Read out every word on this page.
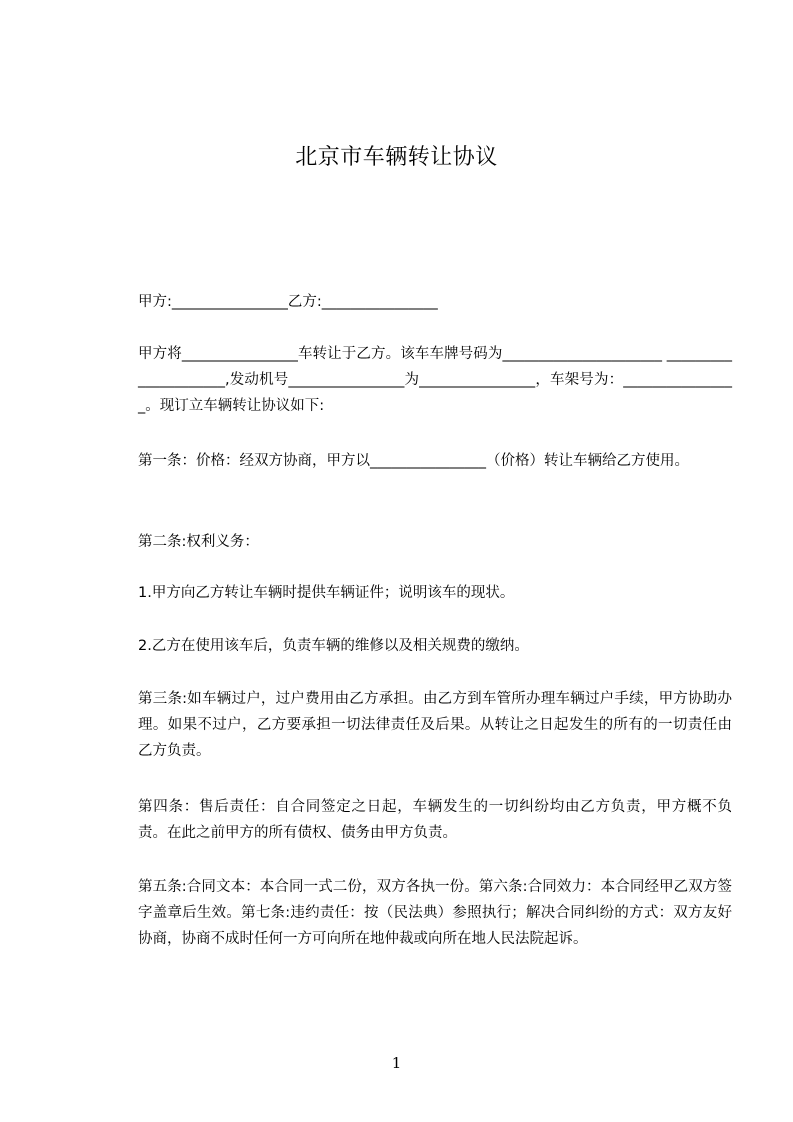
北京市车辆转让协议

甲方:________________乙方:________________

甲方将________________车转让于乙方。该车车牌号码为______________________ _____________________,发动机号________________为________________，车架号为：________________。现订立车辆转让协议如下:

第一条：价格：经双方协商，甲方以________________（价格）转让车辆给乙方使用。

第二条:权利义务：

1.甲方向乙方转让车辆时提供车辆证件；说明该车的现状。

2.乙方在使用该车后，负责车辆的维修以及相关规费的缴纳。

第三条:如车辆过户，过户费用由乙方承担。由乙方到车管所办理车辆过户手续，甲方协助办理。如果不过户，乙方要承担一切法律责任及后果。从转让之日起发生的所有的一切责任由乙方负责。

第四条：售后责任：自合同签定之日起，车辆发生的一切纠纷均由乙方负责，甲方概不负责。在此之前甲方的所有债权、债务由甲方负责。

第五条:合同文本：本合同一式二份，双方各执一份。第六条:合同效力：本合同经甲乙双方签字盖章后生效。第七条:违约责任：按（民法典）参照执行；解决合同纠纷的方式：双方友好协商，协商不成时任何一方可向所在地仲裁或向所在地人民法院起诉。

1
